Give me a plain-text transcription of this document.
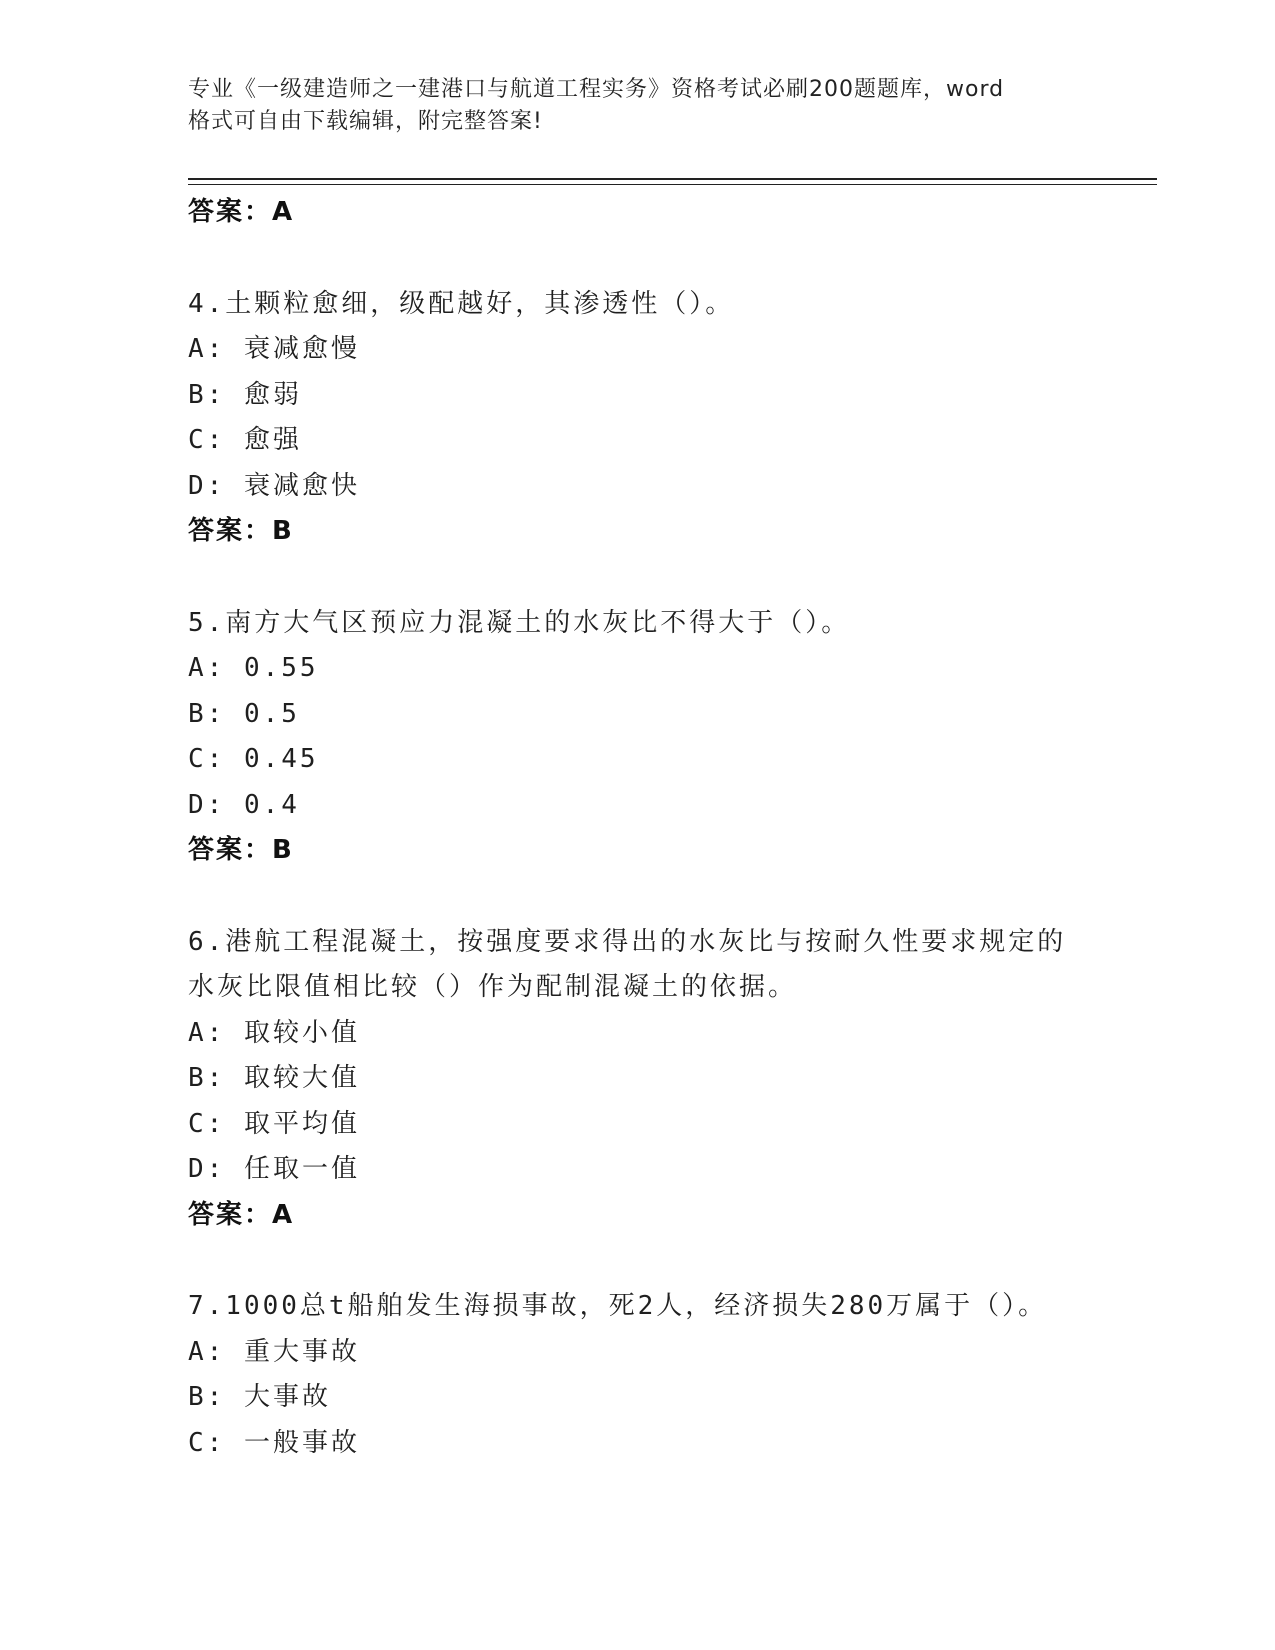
专业《一级建造师之一建港口与航道工程实务》资格考试必刷200题题库，word
格式可自由下载编辑，附完整答案!
答案：A
4.土颗粒愈细，级配越好，其渗透性（）。
A: 衰减愈慢
B: 愈弱
C: 愈强
D: 衰减愈快
答案：B
5.南方大气区预应力混凝土的水灰比不得大于（）。
A: 0.55
B: 0.5
C: 0.45
D: 0.4
答案：B
6.港航工程混凝土，按强度要求得出的水灰比与按耐久性要求规定的
水灰比限值相比较（）作为配制混凝土的依据。
A: 取较小值
B: 取较大值
C: 取平均值
D: 任取一值
答案：A
7.1000总t船舶发生海损事故，死2人，经济损失280万属于（）。
A: 重大事故
B: 大事故
C: 一般事故
